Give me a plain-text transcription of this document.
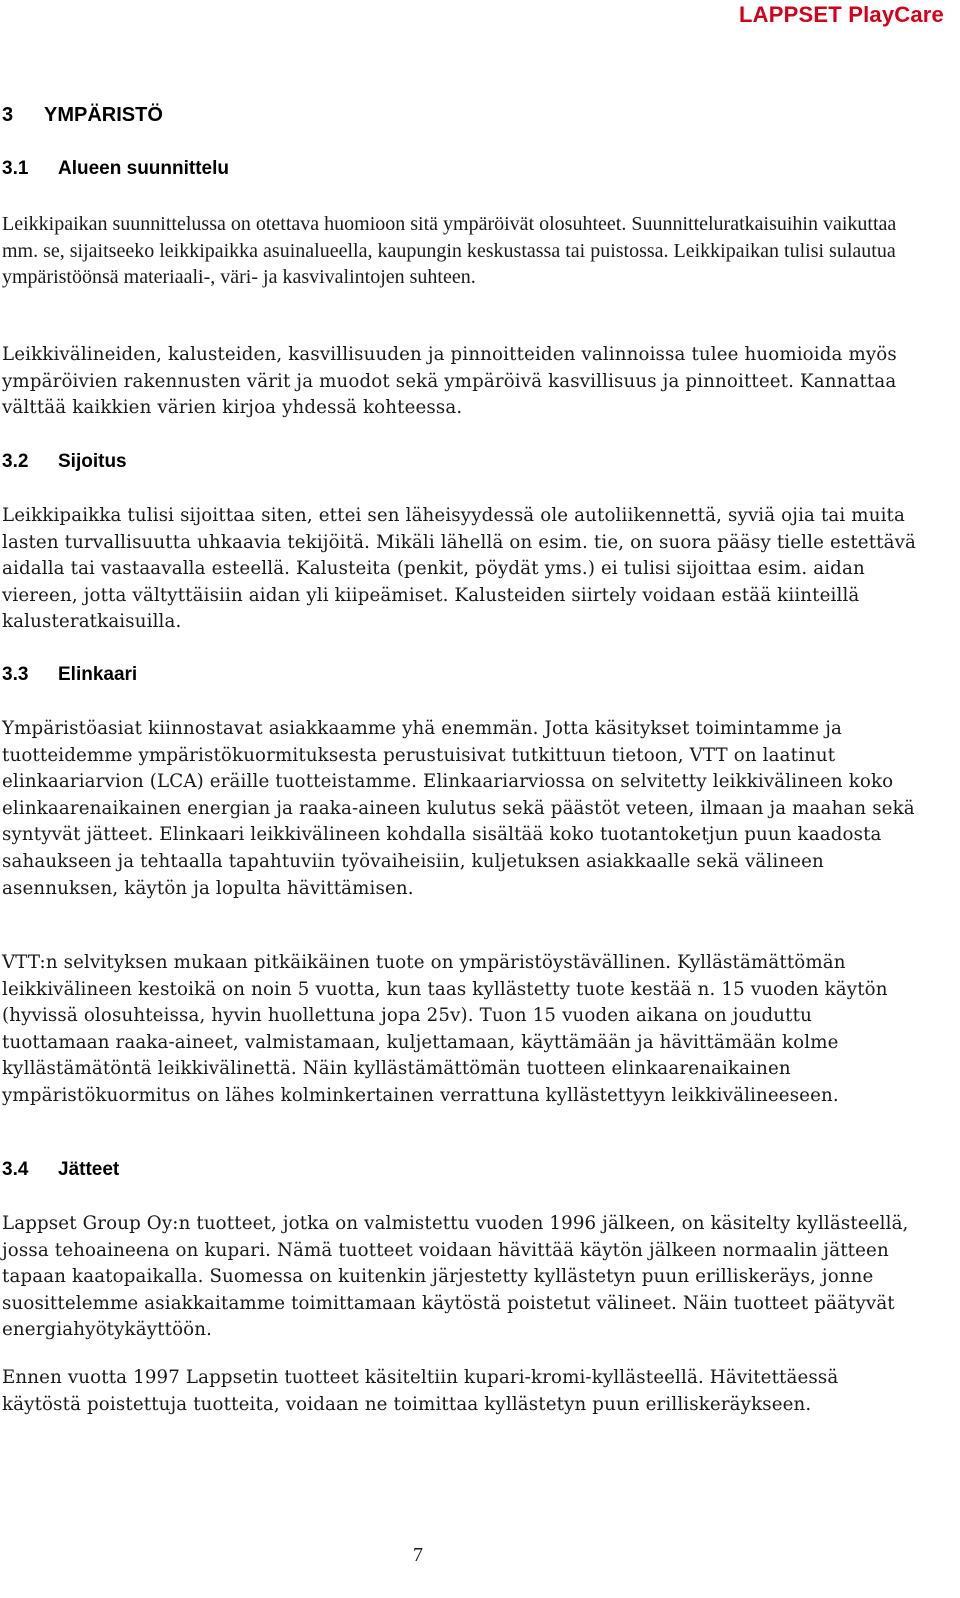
LAPPSET PlayCare
3 YMPÄRISTÖ
3.1 Alueen suunnittelu

Leikkipaikan suunnittelussa on otettava huomioon sitä ympäröivät olosuhteet. Suunnitteluratkaisuihin vaikuttaa mm. se, sijaitseeko leikkipaikka asuinalueella, kaupungin keskustassa tai puistossa. Leikkipaikan tulisi sulautua ympäristöönsä materiaali-, väri- ja kasvivalintojen suhteen.

Leikkivälineiden, kalusteiden, kasvillisuuden ja pinnoitteiden valinnoissa tulee huomioida myös ympäröivien rakennusten värit ja muodot sekä ympäröivä kasvillisuus ja pinnoitteet. Kannattaa välttää kaikkien värien kirjoa yhdessä kohteessa.

3.2 Sijoitus

Leikkipaikka tulisi sijoittaa siten, ettei sen läheisyydessä ole autoliikennettä, syviä ojia tai muita lasten turvallisuutta uhkaavia tekijöitä. Mikäli lähellä on esim. tie, on suora pääsy tielle estettävä aidalla tai vastaavalla esteellä. Kalusteita (penkit, pöydät yms.) ei tulisi sijoittaa esim. aidan viereen, jotta vältyttäisiin aidan yli kiipeämiset. Kalusteiden siirtely voidaan estää kiinteillä kalusteratkaisuilla.

3.3 Elinkaari

Ympäristöasiat kiinnostavat asiakkaamme yhä enemmän. Jotta käsitykset toimintamme ja tuotteidemme ympäristökuormituksesta perustuisivat tutkittuun tietoon, VTT on laatinut elinkaariarvion (LCA) eräille tuotteistamme. Elinkaariarviossa on selvitetty leikkivälineen koko elinkaarenaikainen energian ja raaka-aineen kulutus sekä päästöt veteen, ilmaan ja maahan sekä syntyvät jätteet. Elinkaari leikkivälineen kohdalla sisältää koko tuotantoketjun puun kaadosta sahaukseen ja tehtaalla tapahtuviin työvaiheisiin, kuljetuksen asiakkaalle sekä välineen asennuksen, käytön ja lopulta hävittämisen.

VTT:n selvityksen mukaan pitkäikäinen tuote on ympäristöystävällinen. Kyllästämättömän leikkivälineen kestoikä on noin 5 vuotta, kun taas kyllästetty tuote kestää n. 15 vuoden käytön (hyvissä olosuhteissa, hyvin huollettuna jopa 25v). Tuon 15 vuoden aikana on jouduttu tuottamaan raaka-aineet, valmistamaan, kuljettamaan, käyttämään ja hävittämään kolme kyllästämätöntä leikkivälinettä. Näin kyllästämättömän tuotteen elinkaarenaikainen ympäristökuormitus on lähes kolminkertainen verrattuna kyllästettyyn leikkivälineeseen.

3.4 Jätteet

Lappset Group Oy:n tuotteet, jotka on valmistettu vuoden 1996 jälkeen, on käsitelty kyllästeellä, jossa tehoaineena on kupari. Nämä tuotteet voidaan hävittää käytön jälkeen normaalin jätteen tapaan kaatopaikalla. Suomessa on kuitenkin järjestetty kyllästetyn puun erilliskeräys, jonne suosittelemme asiakkaitamme toimittamaan käytöstä poistetut välineet. Näin tuotteet päätyvät energiahyötykäyttöön.

Ennen vuotta 1997 Lappsetin tuotteet käsiteltiin kupari-kromi-kyllästeellä. Hävitettäessä käytöstä poistettuja tuotteita, voidaan ne toimittaa kyllästetyn puun erilliskeräykseen.

7
